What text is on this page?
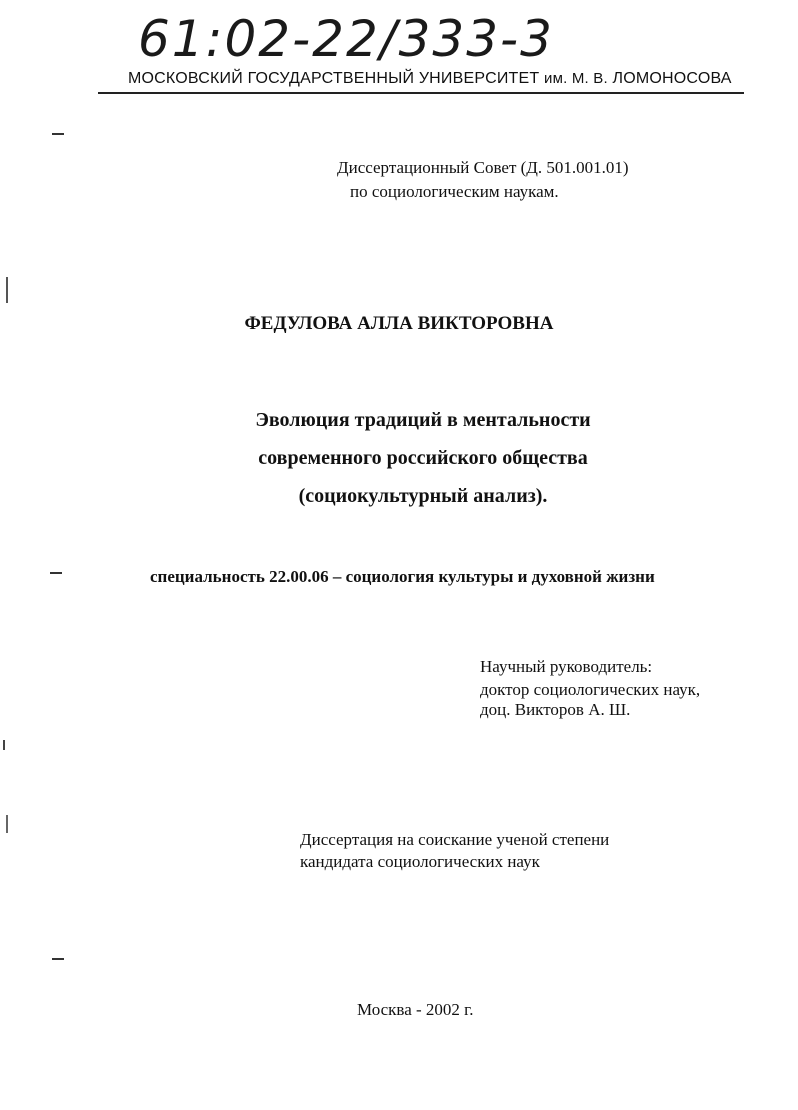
61:02-22/333-3
МОСКОВСКИЙ ГОСУДАРСТВЕННЫЙ УНИВЕРСИТЕТ им. М. В. ЛОМОНОСОВА
Диссертационный Совет (Д. 501.001.01)
по социологическим наукам.
ФЕДУЛОВА АЛЛА ВИКТОРОВНА
Эволюция традиций в ментальности
современного российского общества
(социокультурный анализ).
специальность 22.00.06 – социология культуры и духовной жизни
Научный руководитель:
доктор социологических наук,
доц. Викторов А. Ш.
Диссертация на соискание ученой степени
кандидата социологических наук
Москва - 2002 г.
